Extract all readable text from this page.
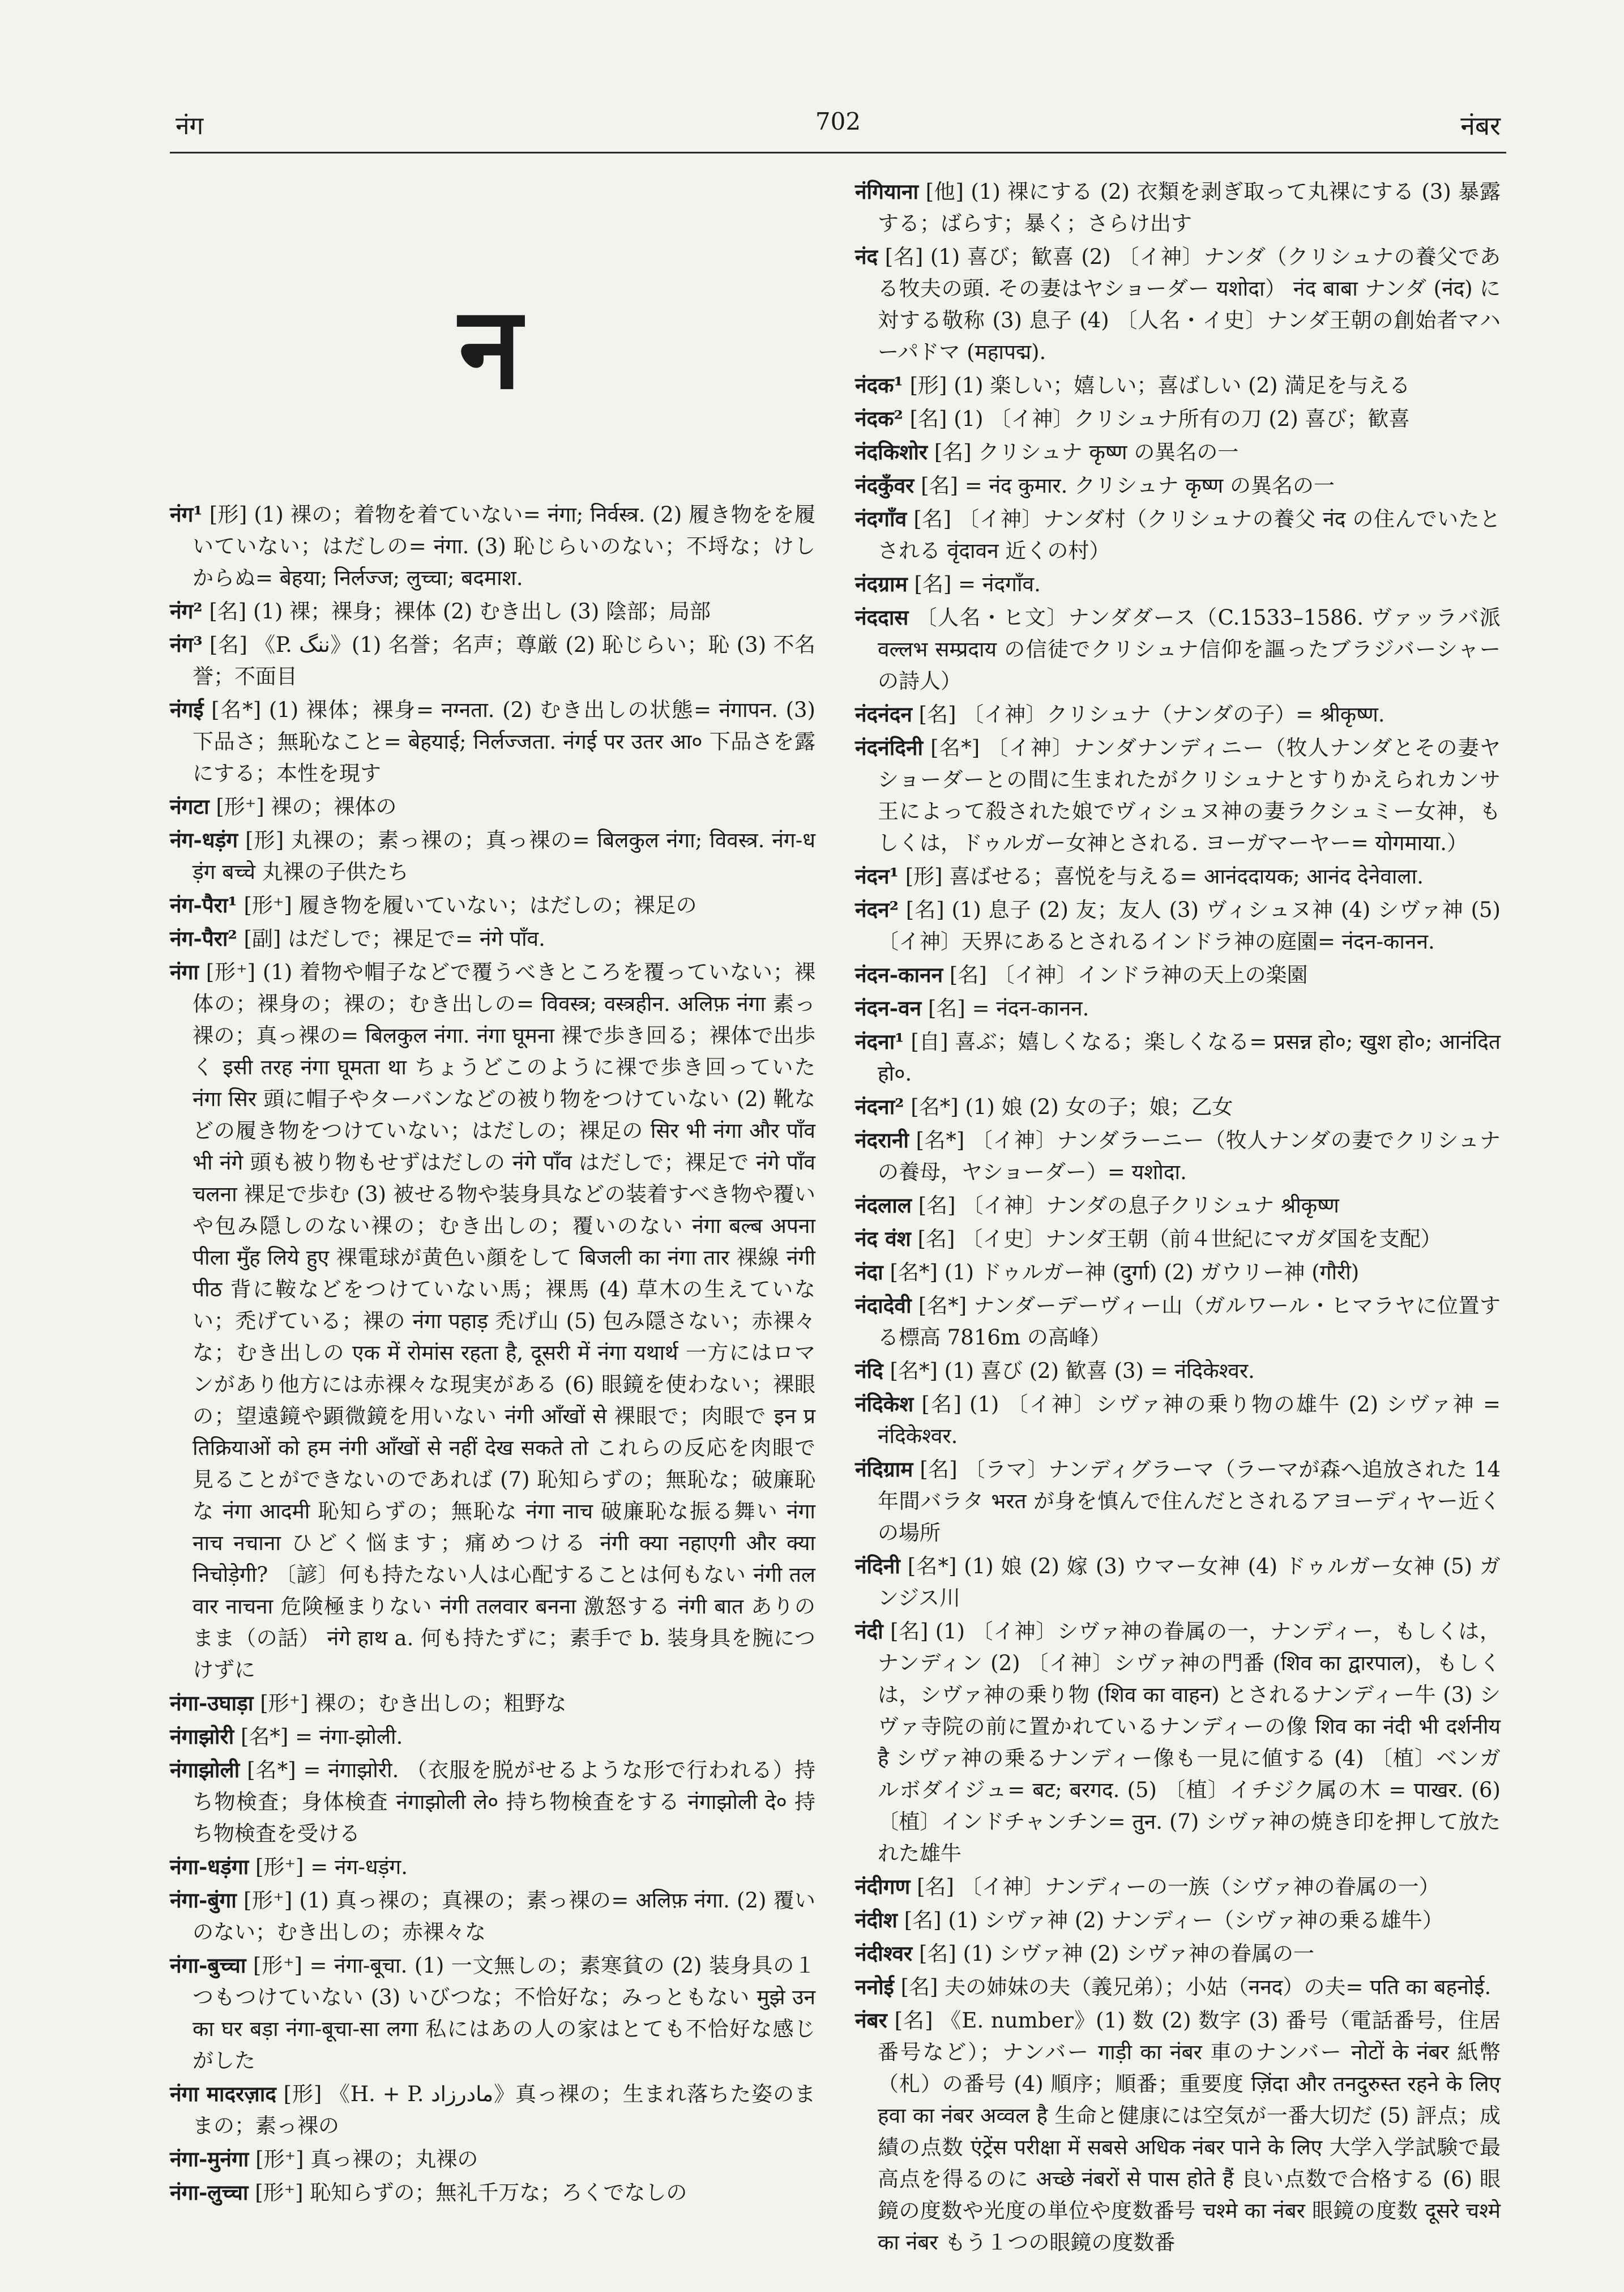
नंग	702	नंबर
न

नंग¹ [形] (1) 裸の；着物を着ていない= नंगा; निर्वस्त्र. (2) 履き物をを履いていない；はだしの= नंगा. (3) 恥じらいのない；不埒な；けしからぬ= बेहया; निर्लज्ज; लुच्चा; बदमाश.

नंग² [名] (1) 裸；裸身；裸体 (2) むき出し (3) 陰部；局部

नंग³ [名] 《P. ننگ》(1) 名誉；名声；尊厳 (2) 恥じらい；恥 (3) 不名誉；不面目

नंगई [名*] (1) 裸体；裸身= नग्नता. (2) むき出しの状態= नंगापन. (3) 下品さ；無恥なこと= बेहयाई; निर्लज्जता. नंगई पर उतर आ० 下品さを露にする；本性を現す

नंगटा [形⁺] 裸の；裸体の

नंग-धड़ंग [形] 丸裸の；素っ裸の；真っ裸の= बिलकुल नंगा; विवस्त्र. नंग-धड़ंग बच्चे 丸裸の子供たち

नंग-पैरा¹ [形⁺] 履き物を履いていない；はだしの；裸足の

नंग-पैरा² [副] はだしで；裸足で= नंगे पाँव.

नंगा [形⁺] (1) 着物や帽子などで覆うべきところを覆っていない；裸体の；裸身の；裸の；むき出しの= विवस्त्र; वस्त्रहीन. अलिफ़ नंगा 素っ裸の；真っ裸の= बिलकुल नंगा. नंगा घूमना 裸で歩き回る；裸体で出歩く इसी तरह नंगा घूमता था ちょうどこのように裸で歩き回っていた नंगा सिर 頭に帽子やターバンなどの被り物をつけていない (2) 靴などの履き物をつけていない；はだしの；裸足の सिर भी नंगा और पाँव भी नंगे 頭も被り物もせずはだしの नंगे पाँव はだしで；裸足で नंगे पाँव चलना 裸足で歩む (3) 被せる物や装身具などの装着すべき物や覆いや包み隠しのない裸の；むき出しの；覆いのない नंगा बल्ब अपना पीला मुँह लिये हुए 裸電球が黄色い顔をして बिजली का नंगा तार 裸線 नंगी पीठ 背に鞍などをつけていない馬；裸馬 (4) 草木の生えていない；禿げている；裸の नंगा पहाड़ 禿げ山 (5) 包み隠さない；赤裸々な；むき出しの एक में रोमांस रहता है, दूसरी में नंगा यथार्थ 一方にはロマンがあり他方には赤裸々な現実がある (6) 眼鏡を使わない；裸眼の；望遠鏡や顕微鏡を用いない नंगी आँखों से 裸眼で；肉眼で इन प्रतिक्रियाओं को हम नंगी आँखों से नहीं देख सकते तो これらの反応を肉眼で見ることができないのであれば (7) 恥知らずの；無恥な；破廉恥な नंगा आदमी 恥知らずの；無恥な नंगा नाच 破廉恥な振る舞い नंगा नाच नचाना ひどく悩ます；痛めつける नंगी क्या नहाएगी और क्या निचोड़ेगी? 〔諺〕何も持たない人は心配することは何もない नंगी तलवार नाचना 危険極まりない नंगी तलवार बनना 激怒する नंगी बात ありのまま（の話） नंगे हाथ a. 何も持たずに；素手で b. 装身具を腕につけずに

नंगा-उघाड़ा [形⁺] 裸の；むき出しの；粗野な

नंगाझोरी [名*] = नंगा-झोली.

नंगाझोली [名*] = नंगाझोरी. （衣服を脱がせるような形で行われる）持ち物検査；身体検査 नंगाझोली ले० 持ち物検査をする नंगाझोली दे० 持ち物検査を受ける

नंगा-धड़ंगा [形⁺] = नंग-धड़ंग.

नंगा-बुंगा [形⁺] (1) 真っ裸の；真裸の；素っ裸の= अलिफ़ नंगा. (2) 覆いのない；むき出しの；赤裸々な

नंगा-बुच्चा [形⁺] = नंगा-बूचा. (1) 一文無しの；素寒貧の (2) 装身具の１つもつけていない (3) いびつな；不恰好な；みっともない मुझे उनका घर बड़ा नंगा-बूचा-सा लगा 私にはあの人の家はとても不恰好な感じがした

नंगा मादरज़ाद [形] 《H. + P. مادرزاد》真っ裸の；生まれ落ちた姿のままの；素っ裸の

नंगा-मुनंगा [形⁺] 真っ裸の；丸裸の

नंगा-लुच्चा [形⁺] 恥知らずの；無礼千万な；ろくでなしの

नंगियाना [他] (1) 裸にする (2) 衣類を剥ぎ取って丸裸にする (3) 暴露する；ばらす；暴く；さらけ出す

नंद [名] (1) 喜び；歓喜 (2) 〔イ神〕ナンダ（クリシュナの養父である牧夫の頭. その妻はヤショーダー यशोदा） नंद बाबा ナンダ (नंद) に対する敬称 (3) 息子 (4) 〔人名・イ史〕ナンダ王朝の創始者マハーパドマ (महापद्म).

नंदक¹ [形] (1) 楽しい；嬉しい；喜ばしい (2) 満足を与える

नंदक² [名] (1) 〔イ神〕クリシュナ所有の刀 (2) 喜び；歓喜

नंदकिशोर [名] クリシュナ कृष्ण の異名の一

नंदकुँवर [名] = नंद कुमार. クリシュナ कृष्ण の異名の一

नंदगाँव [名] 〔イ神〕ナンダ村（クリシュナの養父 नंद の住んでいたとされる वृंदावन 近くの村）

नंदग्राम [名] = नंदगाँव.

नंददास 〔人名・ヒ文〕ナンダダース（C.1533–1586. ヴァッラバ派 वल्लभ सम्प्रदाय の信徒でクリシュナ信仰を謳ったブラジバーシャーの詩人）

नंदनंदन [名] 〔イ神〕クリシュナ（ナンダの子）= श्रीकृष्ण.

नंदनंदिनी [名*] 〔イ神〕ナンダナンディニー（牧人ナンダとその妻ヤショーダーとの間に生まれたがクリシュナとすりかえられカンサ王によって殺された娘でヴィシュヌ神の妻ラクシュミー女神，もしくは，ドゥルガー女神とされる. ヨーガマーヤー= योगमाया.）

नंदन¹ [形] 喜ばせる；喜悦を与える= आनंददायक; आनंद देनेवाला.

नंदन² [名] (1) 息子 (2) 友；友人 (3) ヴィシュヌ神 (4) シヴァ神 (5) 〔イ神〕天界にあるとされるインドラ神の庭園= नंदन-कानन.

नंदन-कानन [名] 〔イ神〕インドラ神の天上の楽園

नंदन-वन [名] = नंदन-कानन.

नंदना¹ [自] 喜ぶ；嬉しくなる；楽しくなる= प्रसन्न हो०; खुश हो०; आनंदित हो०.

नंदना² [名*] (1) 娘 (2) 女の子；娘；乙女

नंदरानी [名*] 〔イ神〕ナンダラーニー（牧人ナンダの妻でクリシュナの養母，ヤショーダー）= यशोदा.

नंदलाल [名] 〔イ神〕ナンダの息子クリシュナ श्रीकृष्ण

नंद वंश [名] 〔イ史〕ナンダ王朝（前４世紀にマガダ国を支配）

नंदा [名*] (1) ドゥルガー神 (दुर्गा) (2) ガウリー神 (गौरी)

नंदादेवी [名*] ナンダーデーヴィー山（ガルワール・ヒマラヤに位置する標高 7816m の高峰）

नंदि [名*] (1) 喜び (2) 歓喜 (3) = नंदिकेश्वर.

नंदिकेश [名] (1) 〔イ神〕シヴァ神の乗り物の雄牛 (2) シヴァ神 = नंदिकेश्वर.

नंदिग्राम [名] 〔ラマ〕ナンディグラーマ（ラーマが森へ追放された 14 年間バラタ भरत が身を慎んで住んだとされるアヨーディヤー近くの場所

नंदिनी [名*] (1) 娘 (2) 嫁 (3) ウマー女神 (4) ドゥルガー女神 (5) ガンジス川

नंदी [名] (1) 〔イ神〕シヴァ神の眷属の一，ナンディー，もしくは，ナンディン (2) 〔イ神〕シヴァ神の門番 (शिव का द्वारपाल)，もしくは，シヴァ神の乗り物 (शिव का वाहन) とされるナンディー牛 (3) シヴァ寺院の前に置かれているナンディーの像 शिव का नंदी भी दर्शनीय है シヴァ神の乗るナンディー像も一見に値する (4) 〔植〕ベンガルボダイジュ= बट; बरगद. (5) 〔植〕イチジク属の木 = पाखर. (6) 〔植〕インドチャンチン= तुन. (7) シヴァ神の焼き印を押して放たれた雄牛

नंदीगण [名] 〔イ神〕ナンディーの一族（シヴァ神の眷属の一）

नंदीश [名] (1) シヴァ神 (2) ナンディー（シヴァ神の乗る雄牛）

नंदीश्वर [名] (1) シヴァ神 (2) シヴァ神の眷属の一

ननोई [名] 夫の姉妹の夫（義兄弟）；小姑（ननद）の夫= पति का बहनोई.

नंबर [名] 《E. number》(1) 数 (2) 数字 (3) 番号（電話番号，住居番号など）；ナンバー गाड़ी का नंबर 車のナンバー नोटों के नंबर 紙幣（札）の番号 (4) 順序；順番；重要度 ज़िंदा और तनदुरुस्त रहने के लिए हवा का नंबर अव्वल है 生命と健康には空気が一番大切だ (5) 評点；成績の点数 एंट्रेंस परीक्षा में सबसे अधिक नंबर पाने के लिए 大学入学試験で最高点を得るのに अच्छे नंबरों से पास होते हैं 良い点数で合格する (6) 眼鏡の度数や光度の単位や度数番号 चश्मे का नंबर 眼鏡の度数 दूसरे चश्मे का नंबर もう１つの眼鏡の度数番
